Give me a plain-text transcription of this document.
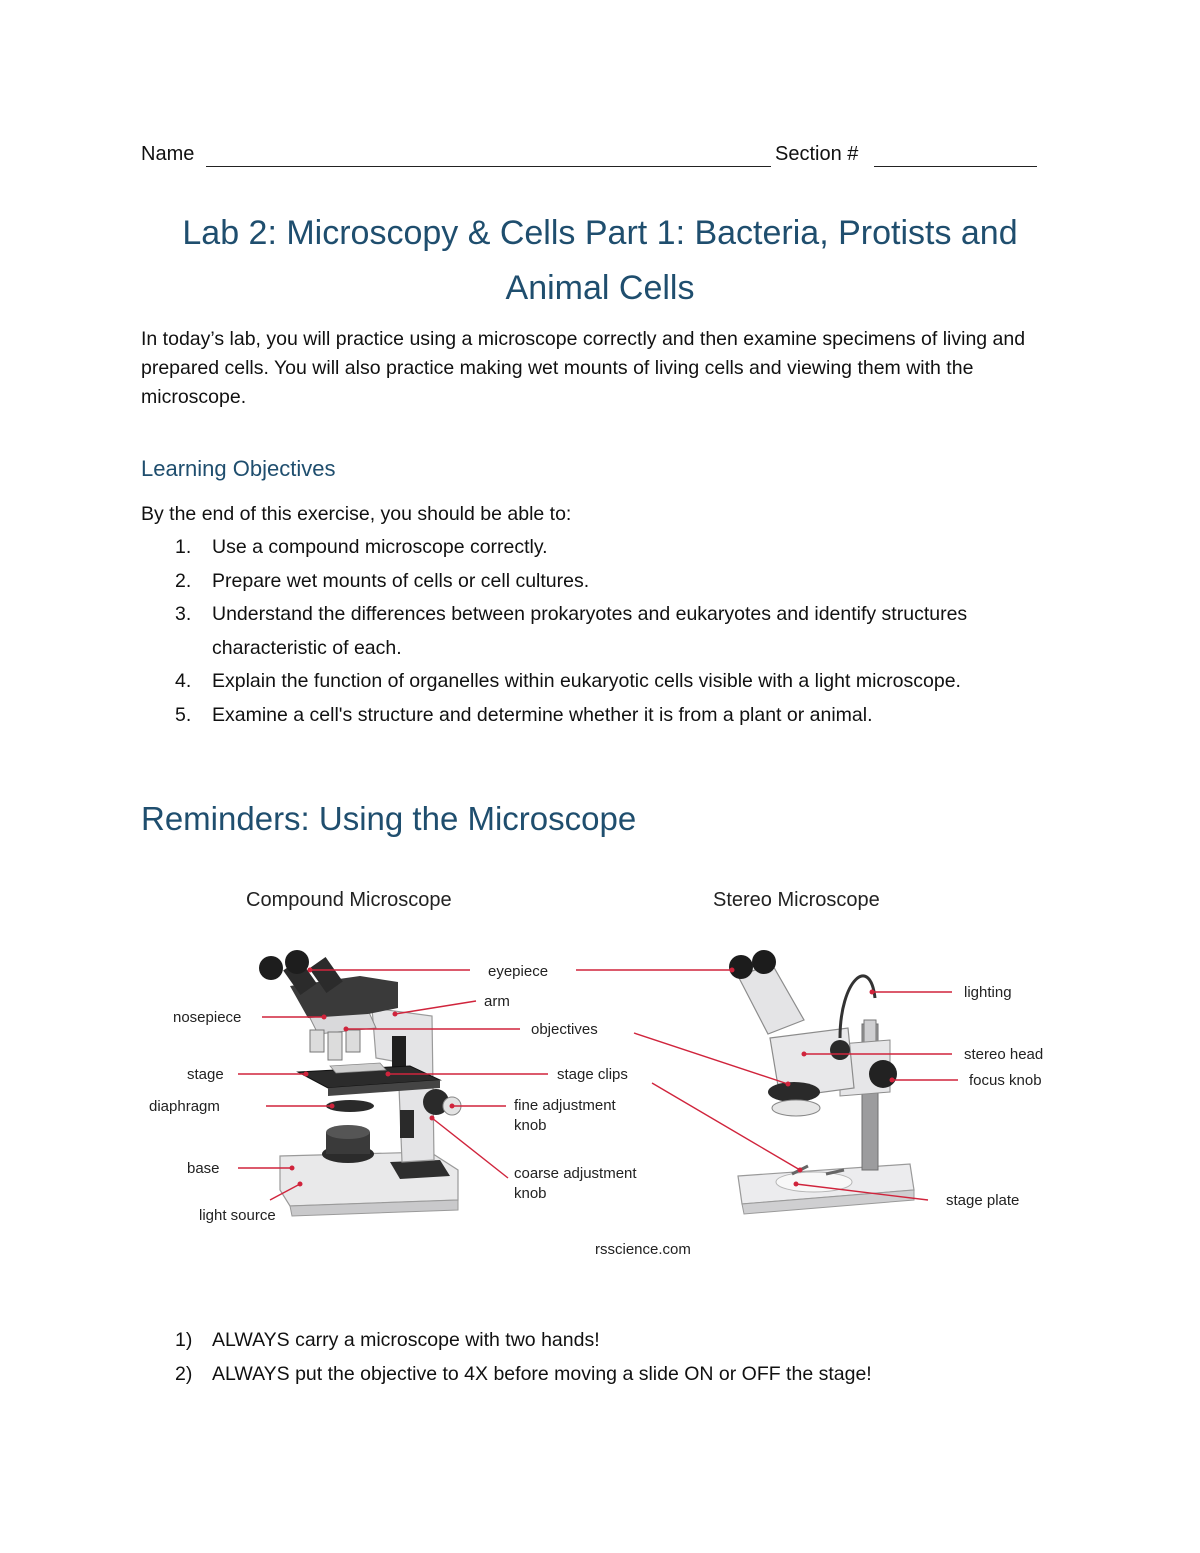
Name	Section #
Lab 2: Microscopy & Cells Part 1: Bacteria, Protists and
Animal Cells
In today’s lab, you will practice using a microscope correctly and then examine specimens of living and prepared cells. You will also practice making wet mounts of living cells and viewing them with the microscope.
Learning Objectives
By the end of this exercise, you should be able to:
1. Use a compound microscope correctly.
2. Prepare wet mounts of cells or cell cultures.
3. Understand the differences between prokaryotes and eukaryotes and identify structures characteristic of each.
4. Explain the function of organelles within eukaryotic cells visible with a light microscope.
5. Examine a cell's structure and determine whether it is from a plant or animal.
Reminders: Using the Microscope
Compound Microscope	Stereo Microscope
eyepiece
arm
nosepiece
objectives
stage	stage clips
diaphragm	fine adjustment
knob
base	coarse adjustment
knob
light source
lighting
stereo head
focus knob
stage plate
rsscience.com
1) ALWAYS carry a microscope with two hands!
2) ALWAYS put the objective to 4X before moving a slide ON or OFF the stage!
